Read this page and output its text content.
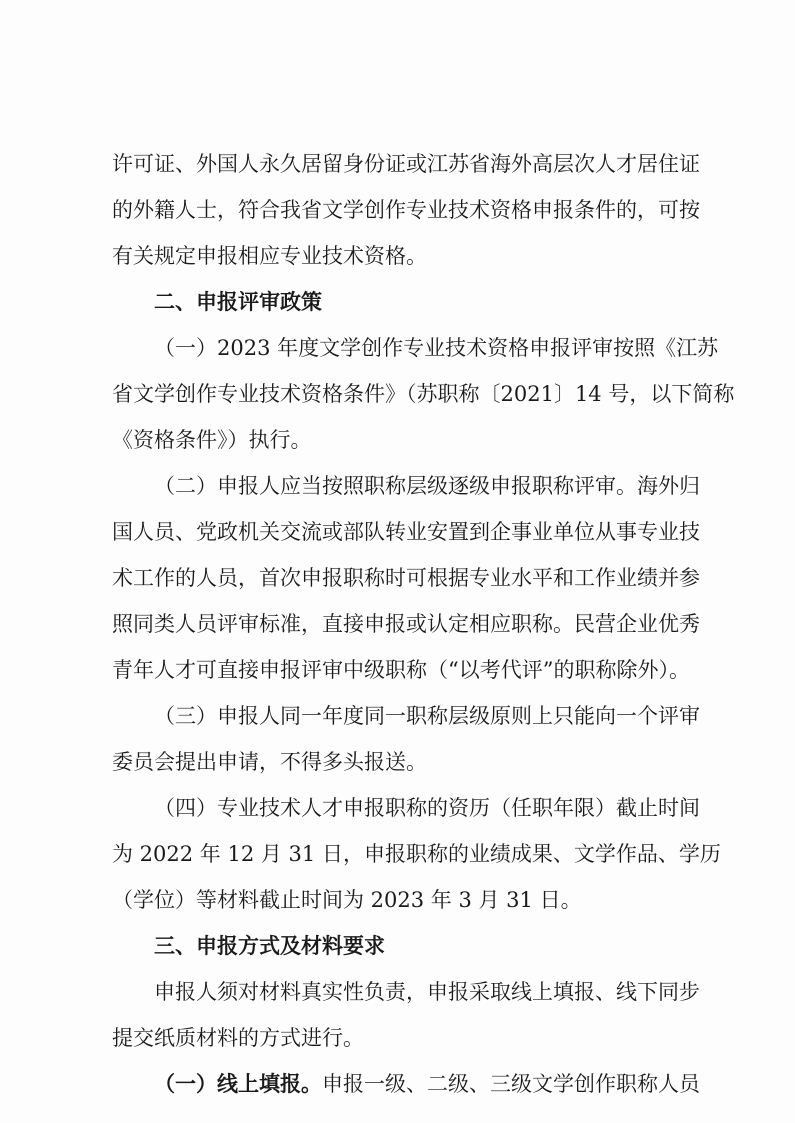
许可证、外国人永久居留身份证或江苏省海外高层次人才居住证
的外籍人士，符合我省文学创作专业技术资格申报条件的，可按
有关规定申报相应专业技术资格。
二、申报评审政策
（一）2023 年度文学创作专业技术资格申报评审按照《江苏
省文学创作专业技术资格条件》（苏职称〔2021〕14 号，以下简称
《资格条件》）执行。
（二）申报人应当按照职称层级逐级申报职称评审。海外归
国人员、党政机关交流或部队转业安置到企事业单位从事专业技
术工作的人员，首次申报职称时可根据专业水平和工作业绩并参
照同类人员评审标准，直接申报或认定相应职称。民营企业优秀
青年人才可直接申报评审中级职称（“以考代评”的职称除外）。
（三）申报人同一年度同一职称层级原则上只能向一个评审
委员会提出申请，不得多头报送。
（四）专业技术人才申报职称的资历（任职年限）截止时间
为 2022 年 12 月 31 日，申报职称的业绩成果、文学作品、学历
（学位）等材料截止时间为 2023 年 3 月 31 日。
三、申报方式及材料要求
申报人须对材料真实性负责，申报采取线上填报、线下同步
提交纸质材料的方式进行。
（一）线上填报。申报一级、二级、三级文学创作职称人员
